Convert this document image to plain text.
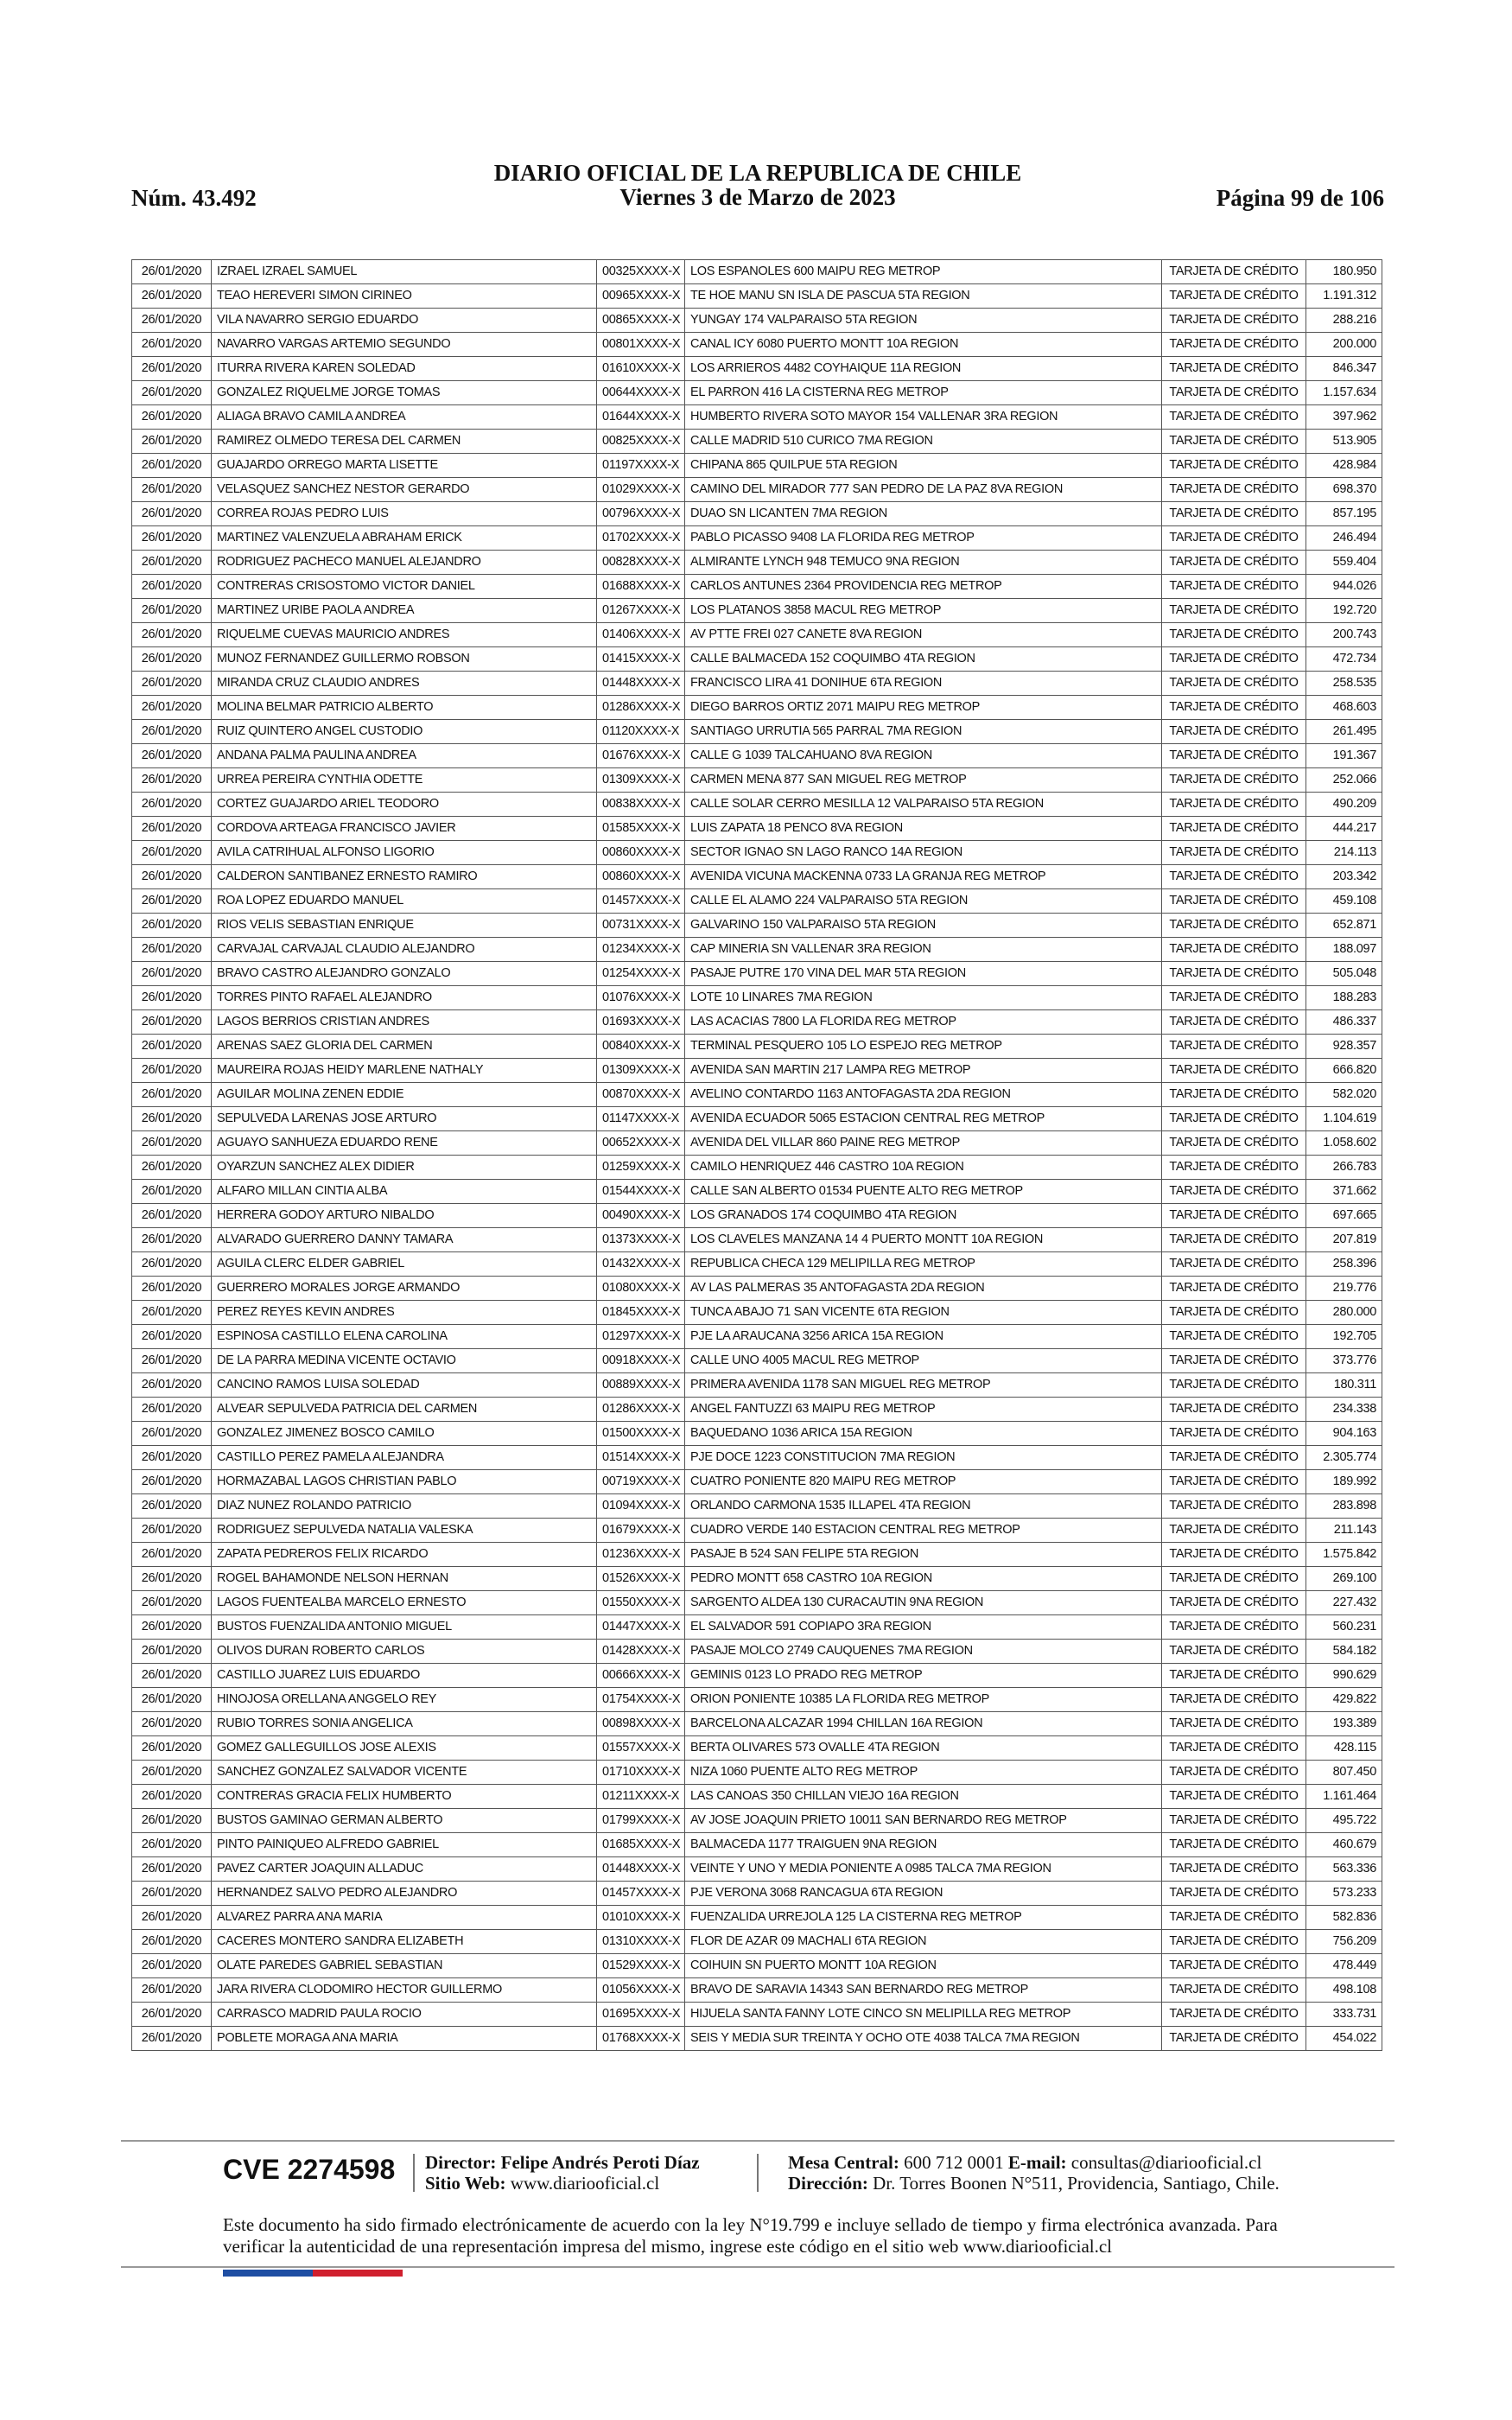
Núm. 43.492
DIARIO OFICIAL DE LA REPUBLICA DE CHILE
Viernes 3 de Marzo de 2023	Página 99 de 106
26/01/2020	IZRAEL IZRAEL SAMUEL	00325XXXX-X	LOS ESPANOLES 600 MAIPU REG METROP	TARJETA DE CRÉDITO	180.950
26/01/2020	TEAO HEREVERI SIMON CIRINEO	00965XXXX-X	TE HOE MANU SN ISLA DE PASCUA 5TA REGION	TARJETA DE CRÉDITO	1.191.312
26/01/2020	VILA NAVARRO SERGIO EDUARDO	00865XXXX-X	YUNGAY 174 VALPARAISO 5TA REGION	TARJETA DE CRÉDITO	288.216
26/01/2020	NAVARRO VARGAS ARTEMIO SEGUNDO	00801XXXX-X	CANAL ICY 6080 PUERTO MONTT 10A REGION	TARJETA DE CRÉDITO	200.000
26/01/2020	ITURRA RIVERA KAREN SOLEDAD	01610XXXX-X	LOS ARRIEROS 4482 COYHAIQUE 11A REGION	TARJETA DE CRÉDITO	846.347
26/01/2020	GONZALEZ RIQUELME JORGE TOMAS	00644XXXX-X	EL PARRON 416 LA CISTERNA REG METROP	TARJETA DE CRÉDITO	1.157.634
26/01/2020	ALIAGA BRAVO CAMILA ANDREA	01644XXXX-X	HUMBERTO RIVERA SOTO MAYOR 154 VALLENAR 3RA REGION	TARJETA DE CRÉDITO	397.962
26/01/2020	RAMIREZ OLMEDO TERESA DEL CARMEN	00825XXXX-X	CALLE MADRID 510 CURICO 7MA REGION	TARJETA DE CRÉDITO	513.905
26/01/2020	GUAJARDO ORREGO MARTA LISETTE	01197XXXX-X	CHIPANA 865 QUILPUE 5TA REGION	TARJETA DE CRÉDITO	428.984
26/01/2020	VELASQUEZ SANCHEZ NESTOR GERARDO	01029XXXX-X	CAMINO DEL MIRADOR 777 SAN PEDRO DE LA PAZ 8VA REGION	TARJETA DE CRÉDITO	698.370
26/01/2020	CORREA ROJAS PEDRO LUIS	00796XXXX-X	DUAO SN LICANTEN 7MA REGION	TARJETA DE CRÉDITO	857.195
26/01/2020	MARTINEZ VALENZUELA ABRAHAM ERICK	01702XXXX-X	PABLO PICASSO 9408 LA FLORIDA REG METROP	TARJETA DE CRÉDITO	246.494
26/01/2020	RODRIGUEZ PACHECO MANUEL ALEJANDRO	00828XXXX-X	ALMIRANTE LYNCH 948 TEMUCO 9NA REGION	TARJETA DE CRÉDITO	559.404
26/01/2020	CONTRERAS CRISOSTOMO VICTOR DANIEL	01688XXXX-X	CARLOS ANTUNES 2364 PROVIDENCIA REG METROP	TARJETA DE CRÉDITO	944.026
26/01/2020	MARTINEZ URIBE PAOLA ANDREA	01267XXXX-X	LOS PLATANOS 3858 MACUL REG METROP	TARJETA DE CRÉDITO	192.720
26/01/2020	RIQUELME CUEVAS MAURICIO ANDRES	01406XXXX-X	AV PTTE FREI 027 CANETE 8VA REGION	TARJETA DE CRÉDITO	200.743
26/01/2020	MUNOZ FERNANDEZ GUILLERMO ROBSON	01415XXXX-X	CALLE BALMACEDA 152 COQUIMBO 4TA REGION	TARJETA DE CRÉDITO	472.734
26/01/2020	MIRANDA CRUZ CLAUDIO ANDRES	01448XXXX-X	FRANCISCO LIRA 41 DONIHUE 6TA REGION	TARJETA DE CRÉDITO	258.535
26/01/2020	MOLINA BELMAR PATRICIO ALBERTO	01286XXXX-X	DIEGO BARROS ORTIZ 2071 MAIPU REG METROP	TARJETA DE CRÉDITO	468.603
26/01/2020	RUIZ QUINTERO ANGEL CUSTODIO	01120XXXX-X	SANTIAGO URRUTIA 565 PARRAL 7MA REGION	TARJETA DE CRÉDITO	261.495
26/01/2020	ANDANA PALMA PAULINA ANDREA	01676XXXX-X	CALLE G 1039 TALCAHUANO 8VA REGION	TARJETA DE CRÉDITO	191.367
26/01/2020	URREA PEREIRA CYNTHIA ODETTE	01309XXXX-X	CARMEN MENA 877 SAN MIGUEL REG METROP	TARJETA DE CRÉDITO	252.066
26/01/2020	CORTEZ GUAJARDO ARIEL TEODORO	00838XXXX-X	CALLE SOLAR CERRO MESILLA 12 VALPARAISO 5TA REGION	TARJETA DE CRÉDITO	490.209
26/01/2020	CORDOVA ARTEAGA FRANCISCO JAVIER	01585XXXX-X	LUIS ZAPATA 18 PENCO 8VA REGION	TARJETA DE CRÉDITO	444.217
26/01/2020	AVILA CATRIHUAL ALFONSO LIGORIO	00860XXXX-X	SECTOR IGNAO SN LAGO RANCO 14A REGION	TARJETA DE CRÉDITO	214.113
26/01/2020	CALDERON SANTIBANEZ ERNESTO RAMIRO	00860XXXX-X	AVENIDA VICUNA MACKENNA 0733 LA GRANJA REG METROP	TARJETA DE CRÉDITO	203.342
26/01/2020	ROA LOPEZ EDUARDO MANUEL	01457XXXX-X	CALLE EL ALAMO 224 VALPARAISO 5TA REGION	TARJETA DE CRÉDITO	459.108
26/01/2020	RIOS VELIS SEBASTIAN ENRIQUE	00731XXXX-X	GALVARINO 150 VALPARAISO 5TA REGION	TARJETA DE CRÉDITO	652.871
26/01/2020	CARVAJAL CARVAJAL CLAUDIO ALEJANDRO	01234XXXX-X	CAP MINERIA SN VALLENAR 3RA REGION	TARJETA DE CRÉDITO	188.097
26/01/2020	BRAVO CASTRO ALEJANDRO GONZALO	01254XXXX-X	PASAJE PUTRE 170 VINA DEL MAR 5TA REGION	TARJETA DE CRÉDITO	505.048
26/01/2020	TORRES PINTO RAFAEL ALEJANDRO	01076XXXX-X	LOTE 10 LINARES 7MA REGION	TARJETA DE CRÉDITO	188.283
26/01/2020	LAGOS BERRIOS CRISTIAN ANDRES	01693XXXX-X	LAS ACACIAS 7800 LA FLORIDA REG METROP	TARJETA DE CRÉDITO	486.337
26/01/2020	ARENAS SAEZ GLORIA DEL CARMEN	00840XXXX-X	TERMINAL PESQUERO 105 LO ESPEJO REG METROP	TARJETA DE CRÉDITO	928.357
26/01/2020	MAUREIRA ROJAS HEIDY MARLENE NATHALY	01309XXXX-X	AVENIDA SAN MARTIN 217 LAMPA REG METROP	TARJETA DE CRÉDITO	666.820
26/01/2020	AGUILAR MOLINA ZENEN EDDIE	00870XXXX-X	AVELINO CONTARDO 1163 ANTOFAGASTA 2DA REGION	TARJETA DE CRÉDITO	582.020
26/01/2020	SEPULVEDA LARENAS JOSE ARTURO	01147XXXX-X	AVENIDA ECUADOR 5065 ESTACION CENTRAL REG METROP	TARJETA DE CRÉDITO	1.104.619
26/01/2020	AGUAYO SANHUEZA EDUARDO RENE	00652XXXX-X	AVENIDA DEL VILLAR 860 PAINE REG METROP	TARJETA DE CRÉDITO	1.058.602
26/01/2020	OYARZUN SANCHEZ ALEX DIDIER	01259XXXX-X	CAMILO HENRIQUEZ 446 CASTRO 10A REGION	TARJETA DE CRÉDITO	266.783
26/01/2020	ALFARO MILLAN CINTIA ALBA	01544XXXX-X	CALLE SAN ALBERTO 01534 PUENTE ALTO REG METROP	TARJETA DE CRÉDITO	371.662
26/01/2020	HERRERA GODOY ARTURO NIBALDO	00490XXXX-X	LOS GRANADOS 174 COQUIMBO 4TA REGION	TARJETA DE CRÉDITO	697.665
26/01/2020	ALVARADO GUERRERO DANNY TAMARA	01373XXXX-X	LOS CLAVELES MANZANA 14 4 PUERTO MONTT 10A REGION	TARJETA DE CRÉDITO	207.819
26/01/2020	AGUILA CLERC ELDER GABRIEL	01432XXXX-X	REPUBLICA CHECA 129 MELIPILLA REG METROP	TARJETA DE CRÉDITO	258.396
26/01/2020	GUERRERO MORALES JORGE ARMANDO	01080XXXX-X	AV LAS PALMERAS 35 ANTOFAGASTA 2DA REGION	TARJETA DE CRÉDITO	219.776
26/01/2020	PEREZ REYES KEVIN ANDRES	01845XXXX-X	TUNCA ABAJO 71 SAN VICENTE 6TA REGION	TARJETA DE CRÉDITO	280.000
26/01/2020	ESPINOSA CASTILLO ELENA CAROLINA	01297XXXX-X	PJE LA ARAUCANA 3256 ARICA 15A REGION	TARJETA DE CRÉDITO	192.705
26/01/2020	DE LA PARRA MEDINA VICENTE OCTAVIO	00918XXXX-X	CALLE UNO 4005 MACUL REG METROP	TARJETA DE CRÉDITO	373.776
26/01/2020	CANCINO RAMOS LUISA SOLEDAD	00889XXXX-X	PRIMERA AVENIDA 1178 SAN MIGUEL REG METROP	TARJETA DE CRÉDITO	180.311
26/01/2020	ALVEAR SEPULVEDA PATRICIA DEL CARMEN	01286XXXX-X	ANGEL FANTUZZI 63 MAIPU REG METROP	TARJETA DE CRÉDITO	234.338
26/01/2020	GONZALEZ JIMENEZ BOSCO CAMILO	01500XXXX-X	BAQUEDANO 1036 ARICA 15A REGION	TARJETA DE CRÉDITO	904.163
26/01/2020	CASTILLO PEREZ PAMELA ALEJANDRA	01514XXXX-X	PJE DOCE 1223 CONSTITUCION 7MA REGION	TARJETA DE CRÉDITO	2.305.774
26/01/2020	HORMAZABAL LAGOS CHRISTIAN PABLO	00719XXXX-X	CUATRO PONIENTE 820 MAIPU REG METROP	TARJETA DE CRÉDITO	189.992
26/01/2020	DIAZ NUNEZ ROLANDO PATRICIO	01094XXXX-X	ORLANDO CARMONA 1535 ILLAPEL 4TA REGION	TARJETA DE CRÉDITO	283.898
26/01/2020	RODRIGUEZ SEPULVEDA NATALIA VALESKA	01679XXXX-X	CUADRO VERDE 140 ESTACION CENTRAL REG METROP	TARJETA DE CRÉDITO	211.143
26/01/2020	ZAPATA PEDREROS FELIX RICARDO	01236XXXX-X	PASAJE B 524 SAN FELIPE 5TA REGION	TARJETA DE CRÉDITO	1.575.842
26/01/2020	ROGEL BAHAMONDE NELSON HERNAN	01526XXXX-X	PEDRO MONTT 658 CASTRO 10A REGION	TARJETA DE CRÉDITO	269.100
26/01/2020	LAGOS FUENTEALBA MARCELO ERNESTO	01550XXXX-X	SARGENTO ALDEA 130 CURACAUTIN 9NA REGION	TARJETA DE CRÉDITO	227.432
26/01/2020	BUSTOS FUENZALIDA ANTONIO MIGUEL	01447XXXX-X	EL SALVADOR 591 COPIAPO 3RA REGION	TARJETA DE CRÉDITO	560.231
26/01/2020	OLIVOS DURAN ROBERTO CARLOS	01428XXXX-X	PASAJE MOLCO 2749 CAUQUENES 7MA REGION	TARJETA DE CRÉDITO	584.182
26/01/2020	CASTILLO JUAREZ LUIS EDUARDO	00666XXXX-X	GEMINIS 0123 LO PRADO REG METROP	TARJETA DE CRÉDITO	990.629
26/01/2020	HINOJOSA ORELLANA ANGGELO REY	01754XXXX-X	ORION PONIENTE 10385 LA FLORIDA REG METROP	TARJETA DE CRÉDITO	429.822
26/01/2020	RUBIO TORRES SONIA ANGELICA	00898XXXX-X	BARCELONA ALCAZAR 1994 CHILLAN 16A REGION	TARJETA DE CRÉDITO	193.389
26/01/2020	GOMEZ GALLEGUILLOS JOSE ALEXIS	01557XXXX-X	BERTA OLIVARES 573 OVALLE 4TA REGION	TARJETA DE CRÉDITO	428.115
26/01/2020	SANCHEZ GONZALEZ SALVADOR VICENTE	01710XXXX-X	NIZA 1060 PUENTE ALTO REG METROP	TARJETA DE CRÉDITO	807.450
26/01/2020	CONTRERAS GRACIA FELIX HUMBERTO	01211XXXX-X	LAS CANOAS 350 CHILLAN VIEJO 16A REGION	TARJETA DE CRÉDITO	1.161.464
26/01/2020	BUSTOS GAMINAO GERMAN ALBERTO	01799XXXX-X	AV JOSE JOAQUIN PRIETO 10011 SAN BERNARDO REG METROP	TARJETA DE CRÉDITO	495.722
26/01/2020	PINTO PAINIQUEO ALFREDO GABRIEL	01685XXXX-X	BALMACEDA 1177 TRAIGUEN 9NA REGION	TARJETA DE CRÉDITO	460.679
26/01/2020	PAVEZ CARTER JOAQUIN ALLADUC	01448XXXX-X	VEINTE Y UNO Y MEDIA PONIENTE A 0985 TALCA 7MA REGION	TARJETA DE CRÉDITO	563.336
26/01/2020	HERNANDEZ SALVO PEDRO ALEJANDRO	01457XXXX-X	PJE VERONA 3068 RANCAGUA 6TA REGION	TARJETA DE CRÉDITO	573.233
26/01/2020	ALVAREZ PARRA ANA MARIA	01010XXXX-X	FUENZALIDA URREJOLA 125 LA CISTERNA REG METROP	TARJETA DE CRÉDITO	582.836
26/01/2020	CACERES MONTERO SANDRA ELIZABETH	01310XXXX-X	FLOR DE AZAR 09 MACHALI 6TA REGION	TARJETA DE CRÉDITO	756.209
26/01/2020	OLATE PAREDES GABRIEL SEBASTIAN	01529XXXX-X	COIHUIN SN PUERTO MONTT 10A REGION	TARJETA DE CRÉDITO	478.449
26/01/2020	JARA RIVERA CLODOMIRO HECTOR GUILLERMO	01056XXXX-X	BRAVO DE SARAVIA 14343 SAN BERNARDO REG METROP	TARJETA DE CRÉDITO	498.108
26/01/2020	CARRASCO MADRID PAULA ROCIO	01695XXXX-X	HIJUELA SANTA FANNY LOTE CINCO SN MELIPILLA REG METROP	TARJETA DE CRÉDITO	333.731
26/01/2020	POBLETE MORAGA ANA MARIA	01768XXXX-X	SEIS Y MEDIA SUR TREINTA Y OCHO OTE 4038 TALCA 7MA REGION	TARJETA DE CRÉDITO	454.022
CVE 2274598 Director: Felipe Andrés Peroti Díaz
Sitio Web: www.diariooficial.cl
Mesa Central: 600 712 0001 E-mail: consultas@diariooficial.cl
Dirección: Dr. Torres Boonen N°511, Providencia, Santiago, Chile.
Este documento ha sido firmado electrónicamente de acuerdo con la ley N°19.799 e incluye sellado de tiempo y firma electrónica avanzada. Para verificar la autenticidad de una representación impresa del mismo, ingrese este código en el sitio web www.diariooficial.cl
